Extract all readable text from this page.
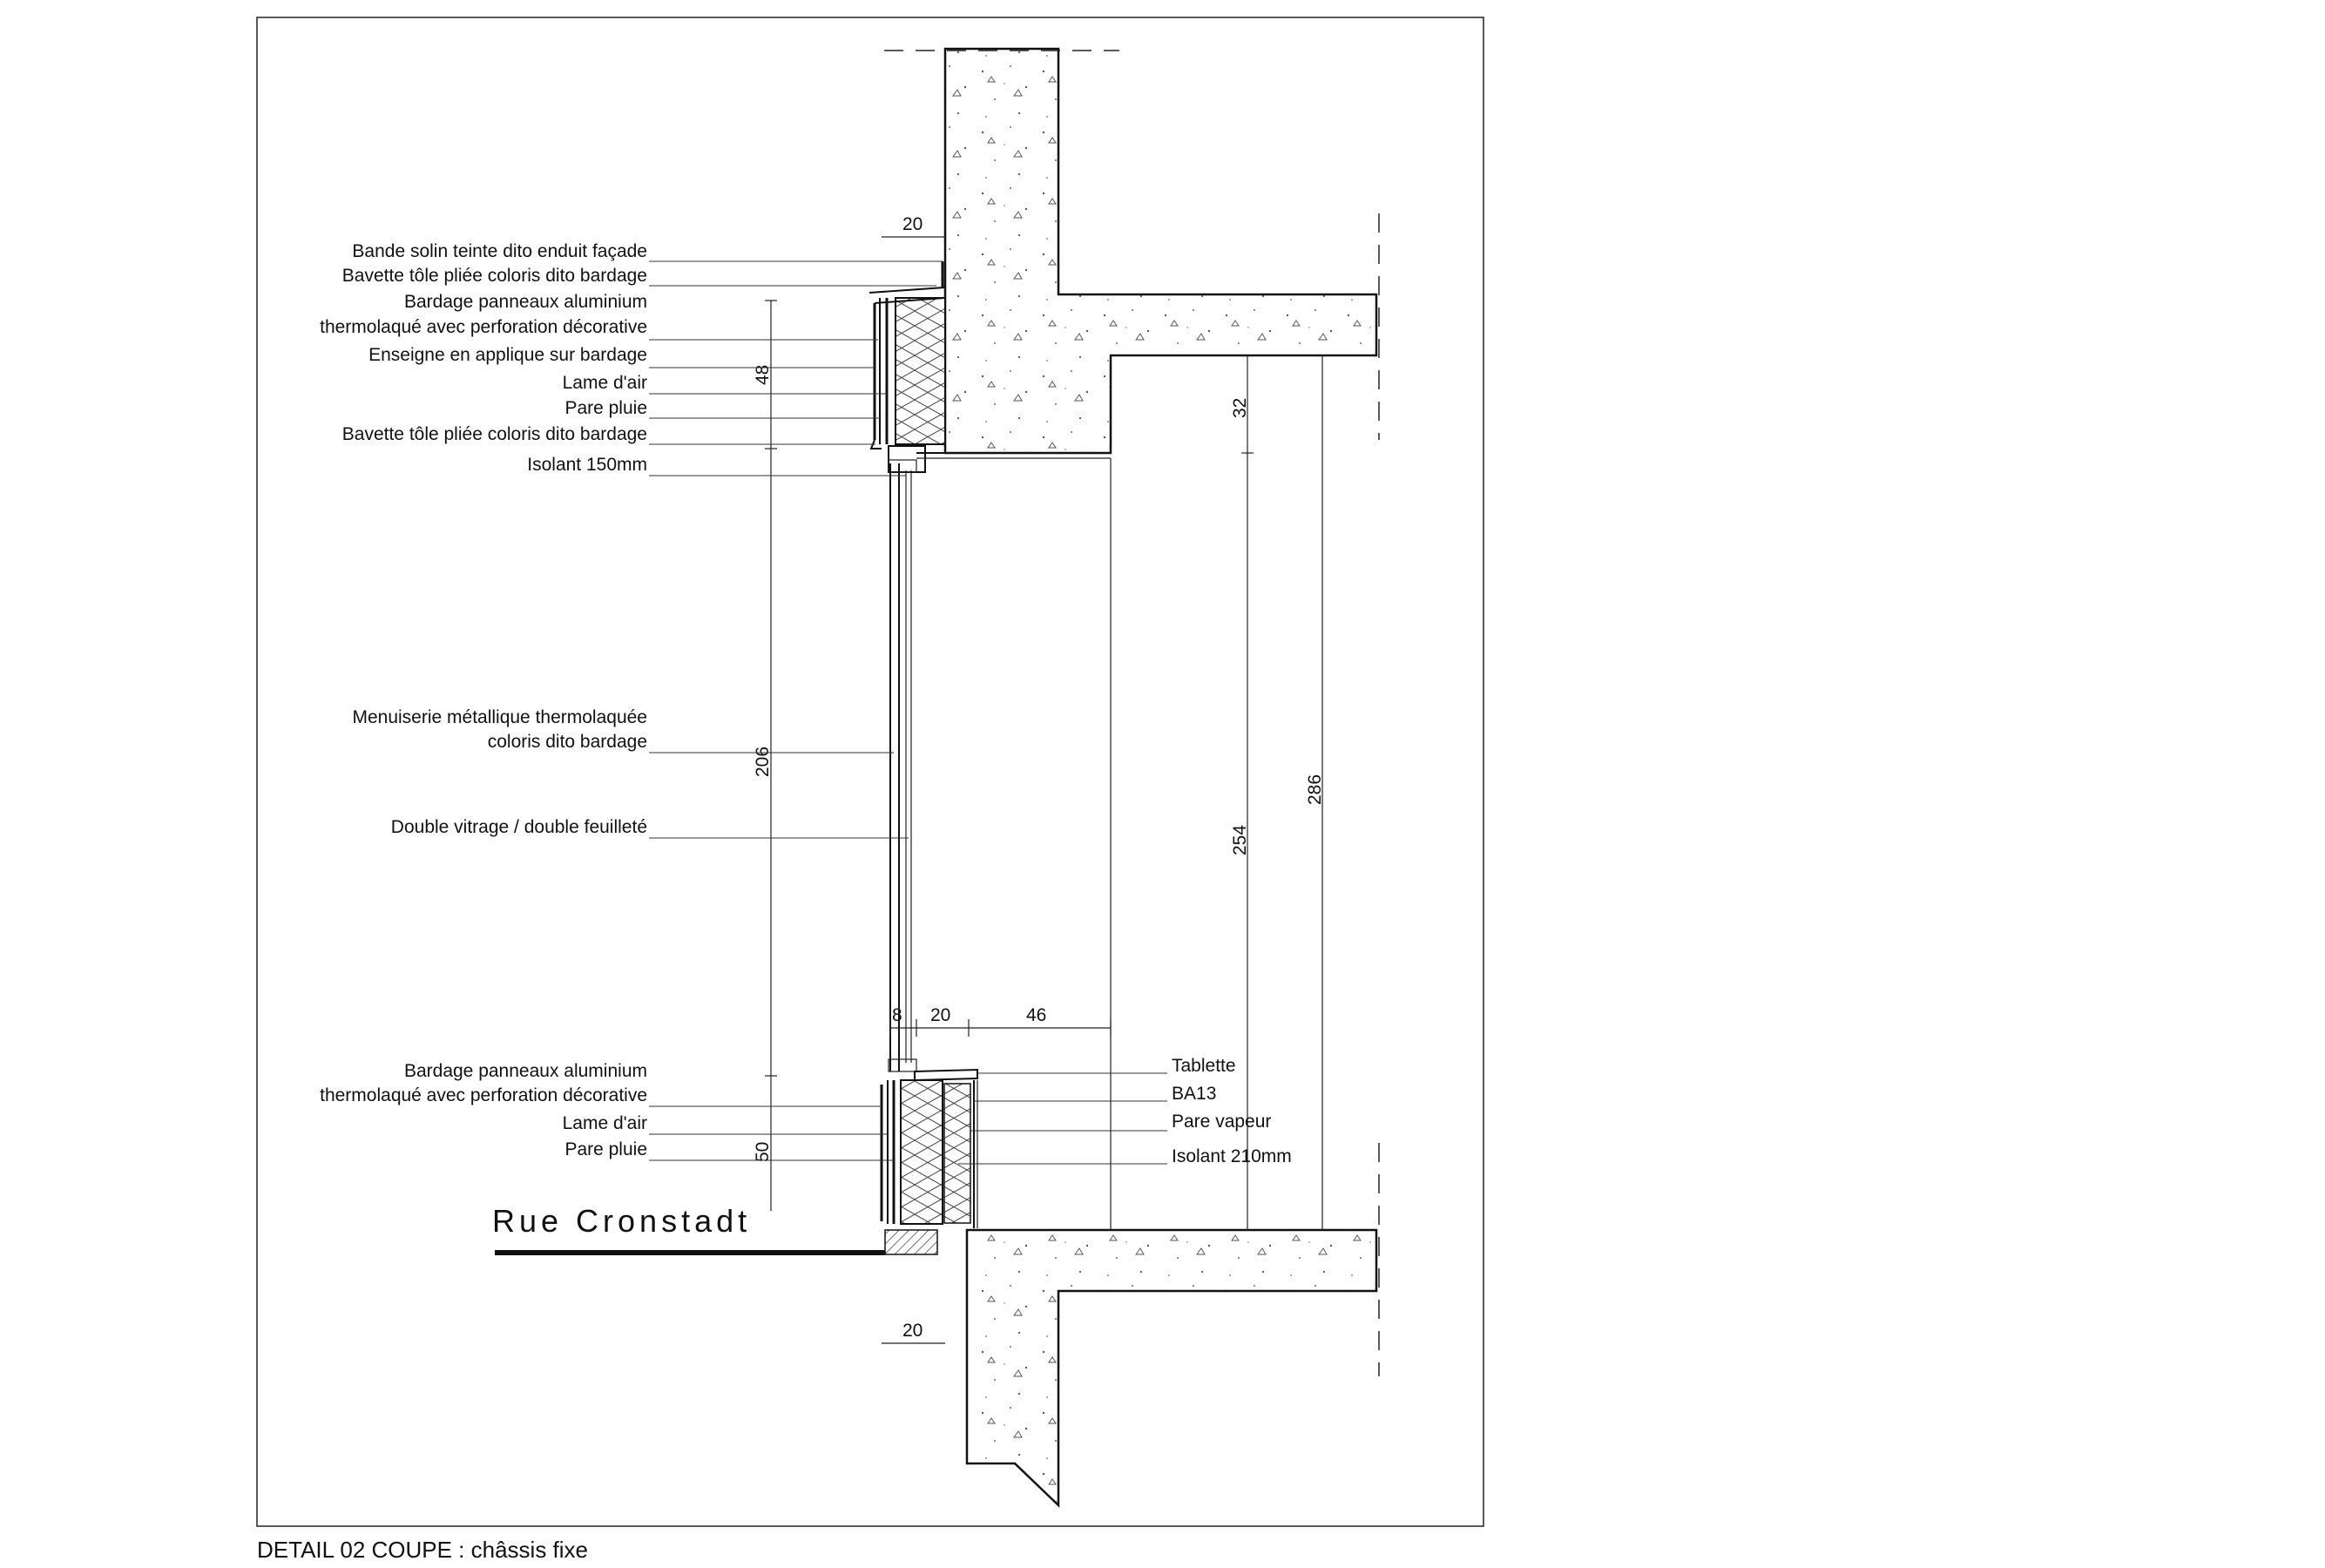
Rue Cronstadt
20
20
48
206
50
8 20	46
32
254
286
Bande solin teinte dito enduit façade
Bavette tôle pliée coloris dito bardage
Bardage panneaux aluminium
thermolaqué avec perforation décorative
Enseigne en applique sur bardage
Lame d'air
Pare pluie
Bavette tôle pliée coloris dito bardage
Isolant 150mm
Menuiserie métallique thermolaquée
coloris dito bardage
Double vitrage / double feuilleté
Bardage panneaux aluminium
thermolaqué avec perforation décorative
Lame d'air
Pare pluie
Tablette
BA13
Pare vapeur
Isolant 210mm
DETAIL 02 COUPE : châssis fixe
